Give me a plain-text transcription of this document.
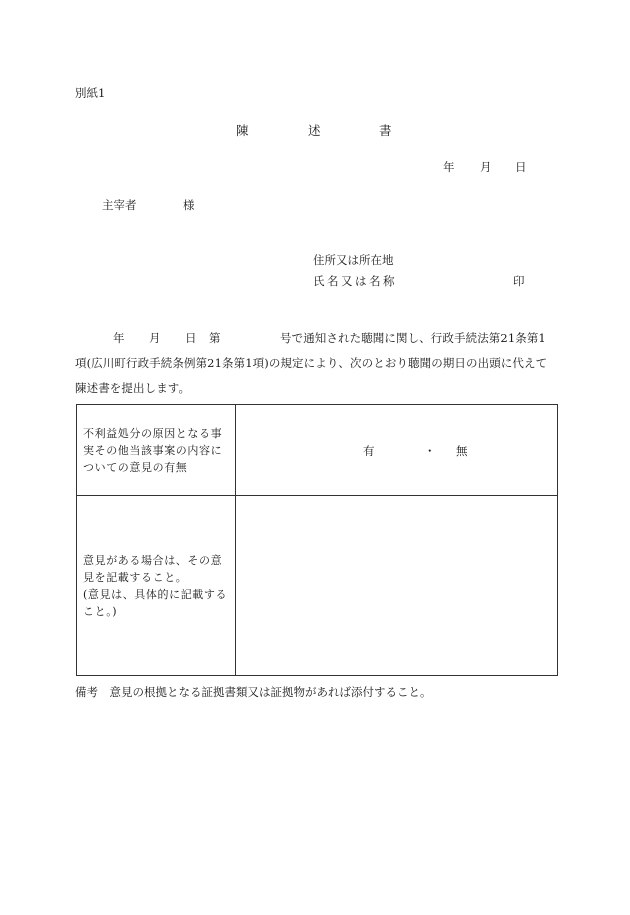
別紙1
陳	述	書
年 月 日
主宰者	様
住所又は所在地
氏名又は名称	印
年 月 日 第	号で通知された聴聞に関し、行政手続法第21条第1
項(広川町行政手続条例第21条第1項)の規定により、次のとおり聴聞の期日の出頭に代えて
陳述書を提出します。
不利益処分の原因となる事実その他当該事案の内容についての意見の有無	有 ・ 無

意見がある場合は、その意見を記載すること。
(意見は、具体的に記載すること。)	
備考　意見の根拠となる証拠書類又は証拠物があれば添付すること。
